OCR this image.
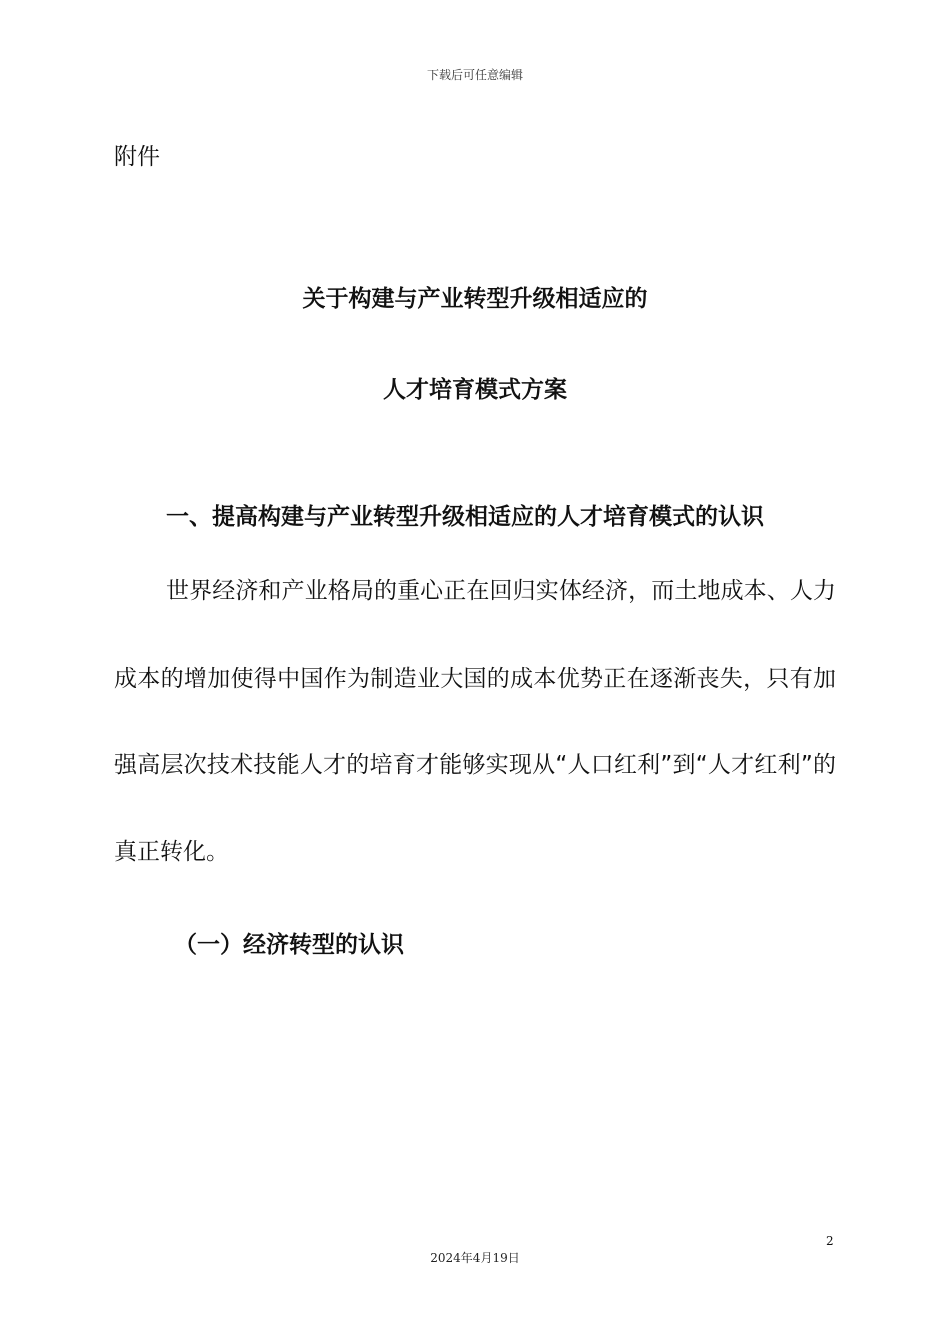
下载后可任意编辑
附件
关于构建与产业转型升级相适应的
人才培育模式方案
一、提高构建与产业转型升级相适应的人才培育模式的认识
世界经济和产业格局的重心正在回归实体经济，而土地成本、人力
成本的增加使得中国作为制造业大国的成本优势正在逐渐丧失，只有加
强高层次技术技能人才的培育才能够实现从“人口红利”到“人才红利”的
真正转化。
（一）经济转型的认识
2
2024年4月19日
